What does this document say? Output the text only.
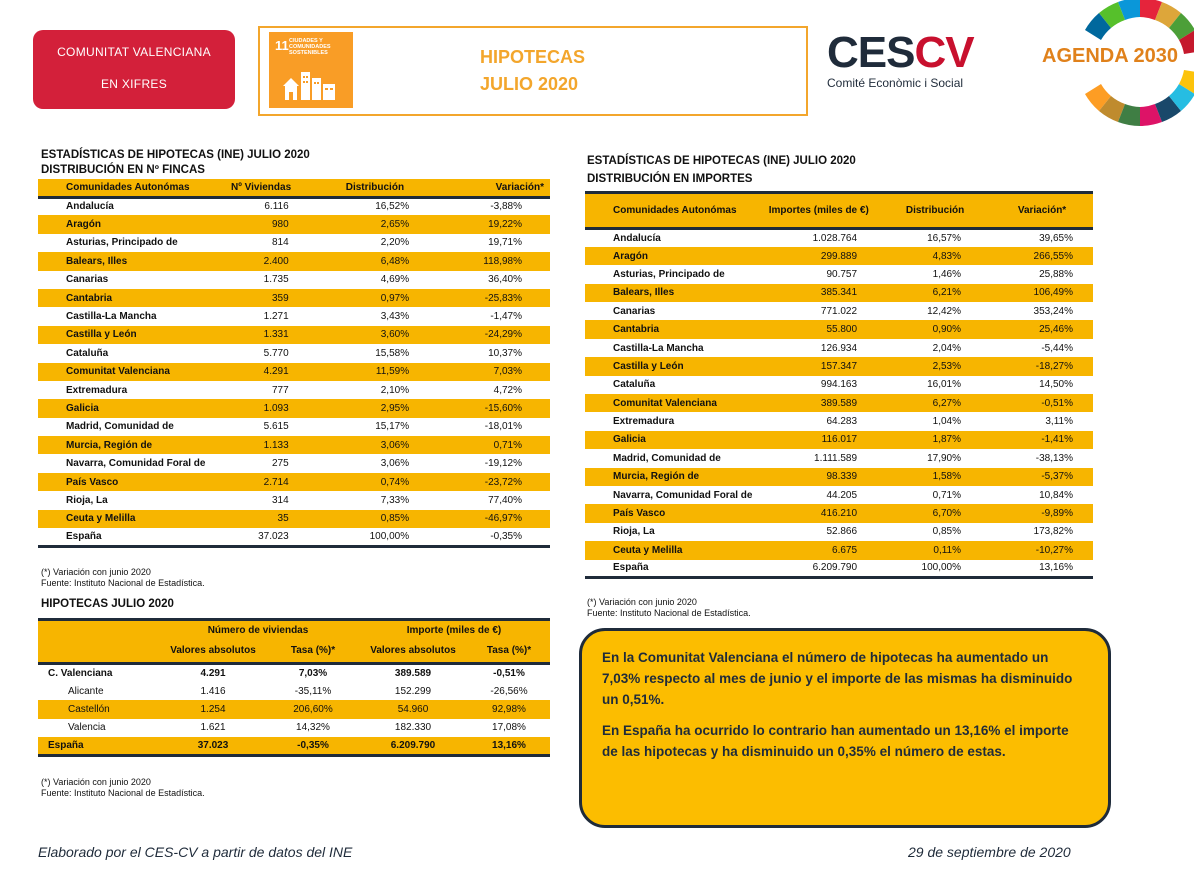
COMUNITAT VALENCIANA
EN XIFRES
11 CIUDADES Y COMUNIDADES SOSTENIBLES	HIPOTECAS
JULIO 2020
CESCV
Comité Econòmic i Social
AGENDA 2030
ESTADÍSTICAS DE HIPOTECAS (INE) JULIO 2020
DISTRIBUCIÓN EN Nº FINCAS
Comunidades Autonómas	Nº Viviendas	Distribución	Variación*
Andalucía	6.116	16,52%	-3,88%
Aragón	980	2,65%	19,22%
Asturias, Principado de	814	2,20%	19,71%
Balears, Illes	2.400	6,48%	118,98%
Canarias	1.735	4,69%	36,40%
Cantabria	359	0,97%	-25,83%
Castilla-La Mancha	1.271	3,43%	-1,47%
Castilla y León	1.331	3,60%	-24,29%
Cataluña	5.770	15,58%	10,37%
Comunitat Valenciana	4.291	11,59%	7,03%
Extremadura	777	2,10%	4,72%
Galicia	1.093	2,95%	-15,60%
Madrid, Comunidad de	5.615	15,17%	-18,01%
Murcia, Región de	1.133	3,06%	0,71%
Navarra, Comunidad Foral de	275	3,06%	-19,12%
País Vasco	2.714	0,74%	-23,72%
Rioja, La	314	7,33%	77,40%
Ceuta y Melilla	35	0,85%	-46,97%
España	37.023	100,00%	-0,35%
(*) Variación con junio 2020
Fuente: Instituto Nacional de Estadística.
ESTADÍSTICAS DE HIPOTECAS (INE) JULIO 2020
DISTRIBUCIÓN EN IMPORTES
Comunidades Autonómas	Importes (miles de €)	Distribución	Variación*
Andalucía	1.028.764	16,57%	39,65%
Aragón	299.889	4,83%	266,55%
Asturias, Principado de	90.757	1,46%	25,88%
Balears, Illes	385.341	6,21%	106,49%
Canarias	771.022	12,42%	353,24%
Cantabria	55.800	0,90%	25,46%
Castilla-La Mancha	126.934	2,04%	-5,44%
Castilla y León	157.347	2,53%	-18,27%
Cataluña	994.163	16,01%	14,50%
Comunitat Valenciana	389.589	6,27%	-0,51%
Extremadura	64.283	1,04%	3,11%
Galicia	116.017	1,87%	-1,41%
Madrid, Comunidad de	1.111.589	17,90%	-38,13%
Murcia, Región de	98.339	1,58%	-5,37%
Navarra, Comunidad Foral de	44.205	0,71%	10,84%
País Vasco	416.210	6,70%	-9,89%
Rioja, La	52.866	0,85%	173,82%
Ceuta y Melilla	6.675	0,11%	-10,27%
España	6.209.790	100,00%	13,16%
(*) Variación con junio 2020
Fuente: Instituto Nacional de Estadística.
HIPOTECAS JULIO 2020
	Número de viviendas		Importe (miles de €)	
	Valores absolutos	Tasa (%)*	Valores absolutos	Tasa (%)*
C. Valenciana	4.291	7,03%	389.589	-0,51%
Alicante	1.416	-35,11%	152.299	-26,56%
Castellón	1.254	206,60%	54.960	92,98%
Valencia	1.621	14,32%	182.330	17,08%
España	37.023	-0,35%	6.209.790	13,16%
(*) Variación con junio 2020
Fuente: Instituto Nacional de Estadística.

En la Comunitat Valenciana el número de hipotecas ha aumentado un 7,03% respecto al mes de junio y el importe de las mismas ha disminuido un 0,51%.

En España ha ocurrido lo contrario han aumentado un 13,16% el importe de las hipotecas y ha disminuido un 0,35% el número de estas.

Elaborado por el CES-CV a partir de datos del INE	29 de septiembre de 2020
